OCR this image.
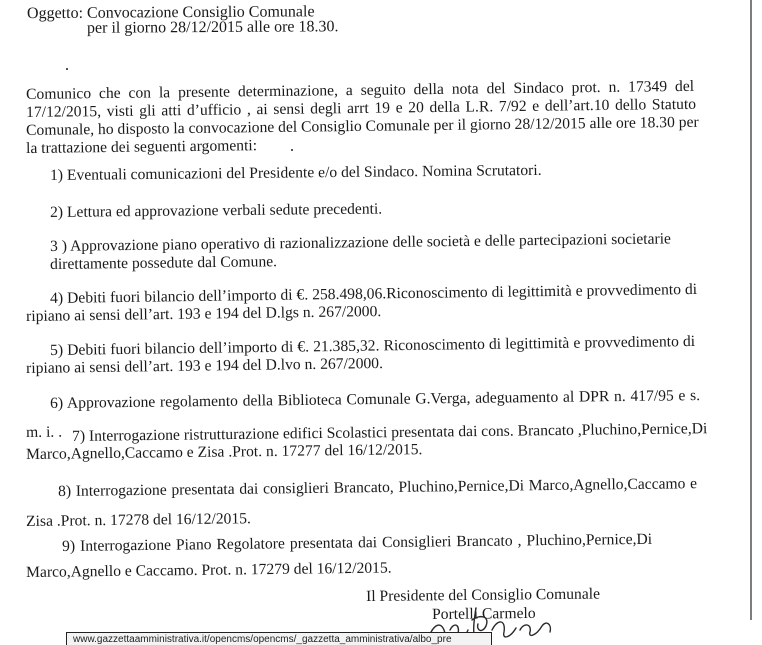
Oggetto: Convocazione Consiglio Comunale
per il giorno 28/12/2015 alle ore 18.30.
Comunico che con la presente determinazione, a seguito della nota del Sindaco prot. n. 17349 del
17/12/2015, visti gli atti d’ufficio , ai sensi degli arrt 19 e 20 della L.R. 7/92 e dell’art.10 dello Statuto
Comunale, ho disposto la convocazione del Consiglio Comunale per il giorno 28/12/2015 alle ore 18.30 per
la trattazione dei seguenti argomenti:
1) Eventuali comunicazioni del Presidente e/o del Sindaco. Nomina Scrutatori.
2) Lettura ed approvazione verbali sedute precedenti.
3 ) Approvazione piano operativo di razionalizzazione delle società e delle partecipazioni societarie
direttamente possedute dal Comune.
4) Debiti fuori bilancio dell’importo di €. 258.498,06.Riconoscimento di legittimità e provvedimento di
ripiano ai sensi dell’art. 193 e 194 del D.lgs n. 267/2000.
5) Debiti fuori bilancio dell’importo di €. 21.385,32. Riconoscimento di legittimità e provvedimento di
ripiano ai sensi dell’art. 193 e 194 del D.lvo n. 267/2000.
6) Approvazione regolamento della Biblioteca Comunale G.Verga, adeguamento al DPR n. 417/95 e s.
m. i. . 7) Interrogazione ristrutturazione edifici Scolastici presentata dai cons. Brancato ,Pluchino,Pernice,Di
Marco,Agnello,Caccamo e Zisa .Prot. n. 17277 del 16/12/2015.
8) Interrogazione presentata dai consiglieri Brancato, Pluchino,Pernice,Di Marco,Agnello,Caccamo e
Zisa .Prot. n. 17278 del 16/12/2015.
9) Interrogazione Piano Regolatore presentata dai Consiglieri Brancato , Pluchino,Pernice,Di
Marco,Agnello e Caccamo. Prot. n. 17279 del 16/12/2015.
Il Presidente del Consiglio Comunale
Portelli Carmelo
www.gazzettaamministrativa.it/opencms/opencms/_gazzetta_amministrativa/albo_pre
